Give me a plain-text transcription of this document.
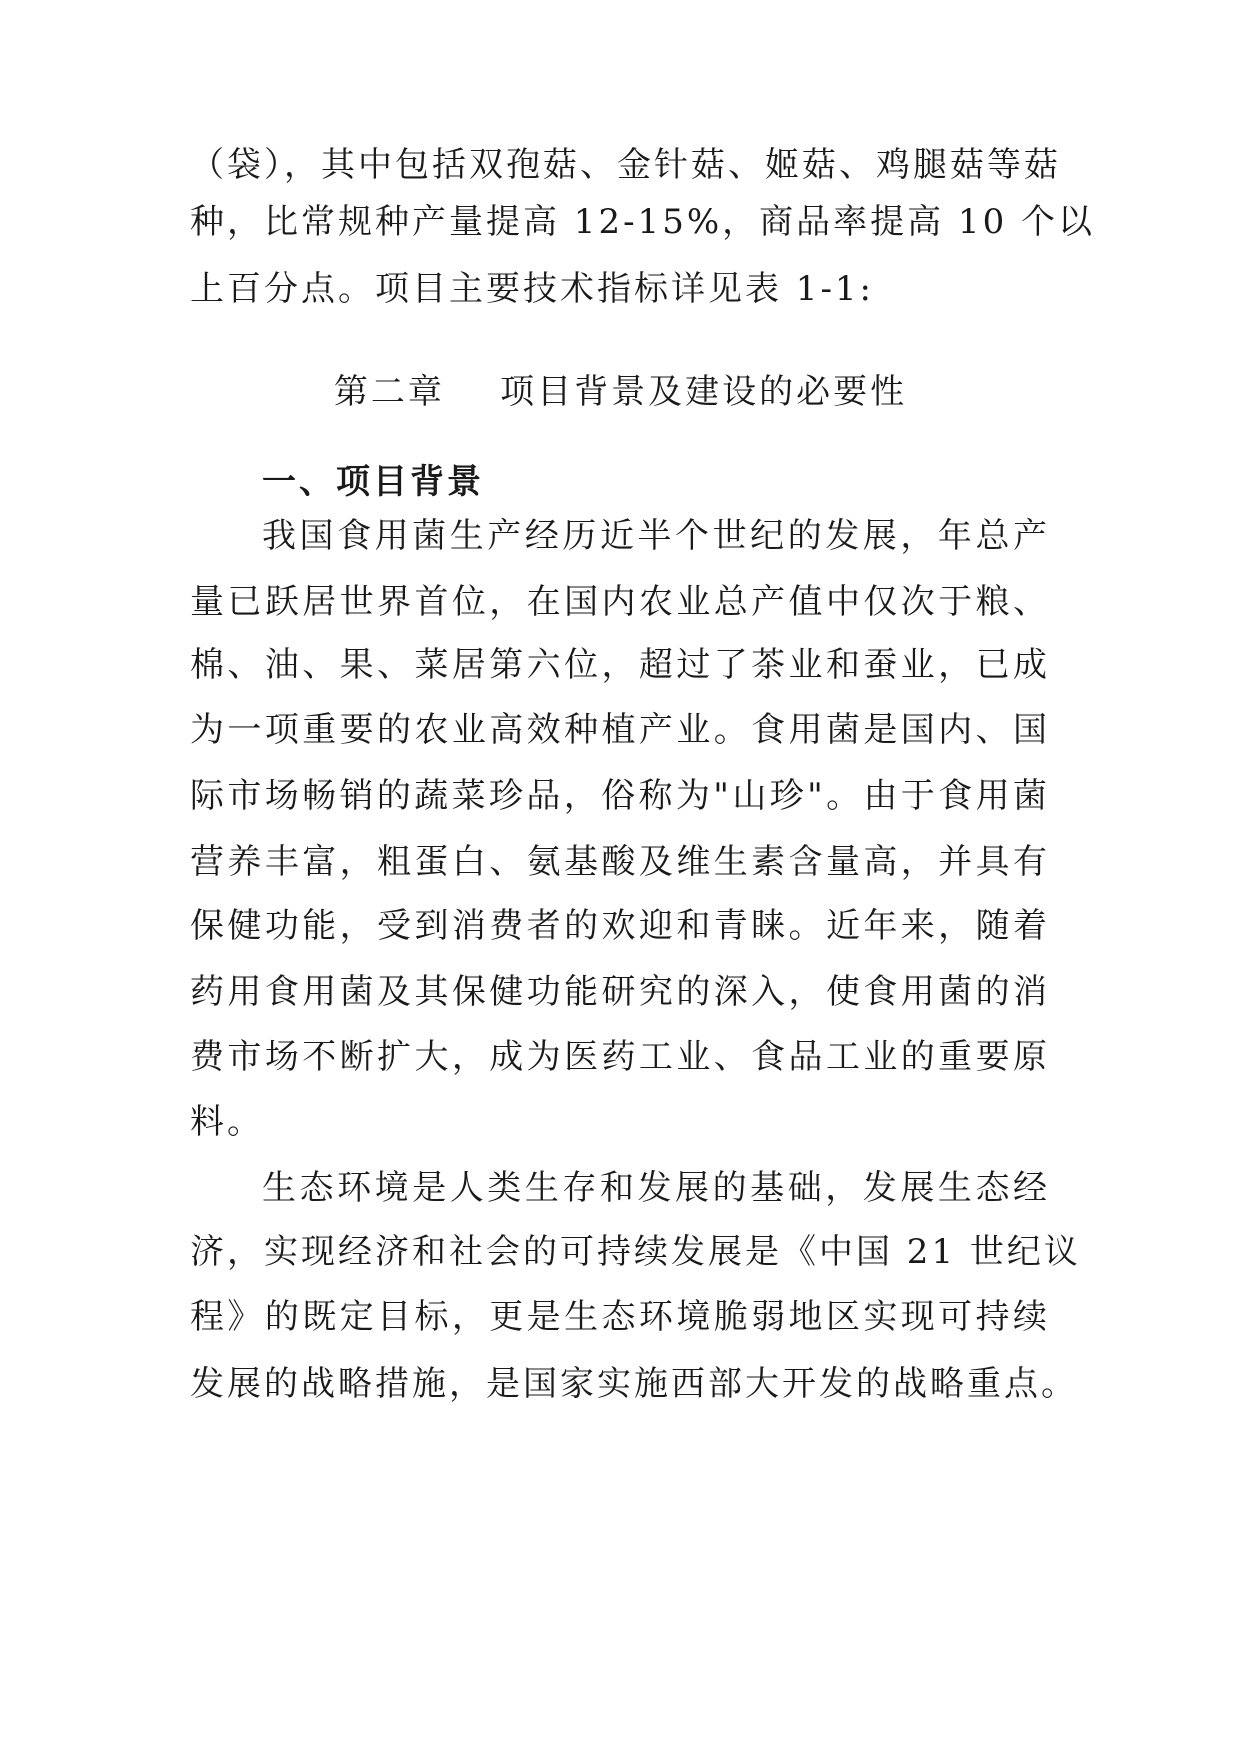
（袋），其中包括双孢菇、金针菇、姬菇、鸡腿菇等菇
种，比常规种产量提高 12-15%，商品率提高 10 个以
上百分点。项目主要技术指标详见表 1-1:
第二章    项目背景及建设的必要性
一、项目背景
我国食用菌生产经历近半个世纪的发展，年总产
量已跃居世界首位，在国内农业总产值中仅次于粮、
棉、油、果、菜居第六位，超过了茶业和蚕业，已成
为一项重要的农业高效种植产业。食用菌是国内、国
际市场畅销的蔬菜珍品，俗称为"山珍"。由于食用菌
营养丰富，粗蛋白、氨基酸及维生素含量高，并具有
保健功能，受到消费者的欢迎和青睐。近年来，随着
药用食用菌及其保健功能研究的深入，使食用菌的消
费市场不断扩大，成为医药工业、食品工业的重要原
料。
生态环境是人类生存和发展的基础，发展生态经
济，实现经济和社会的可持续发展是《中国 21 世纪议
程》的既定目标，更是生态环境脆弱地区实现可持续
发展的战略措施，是国家实施西部大开发的战略重点。
